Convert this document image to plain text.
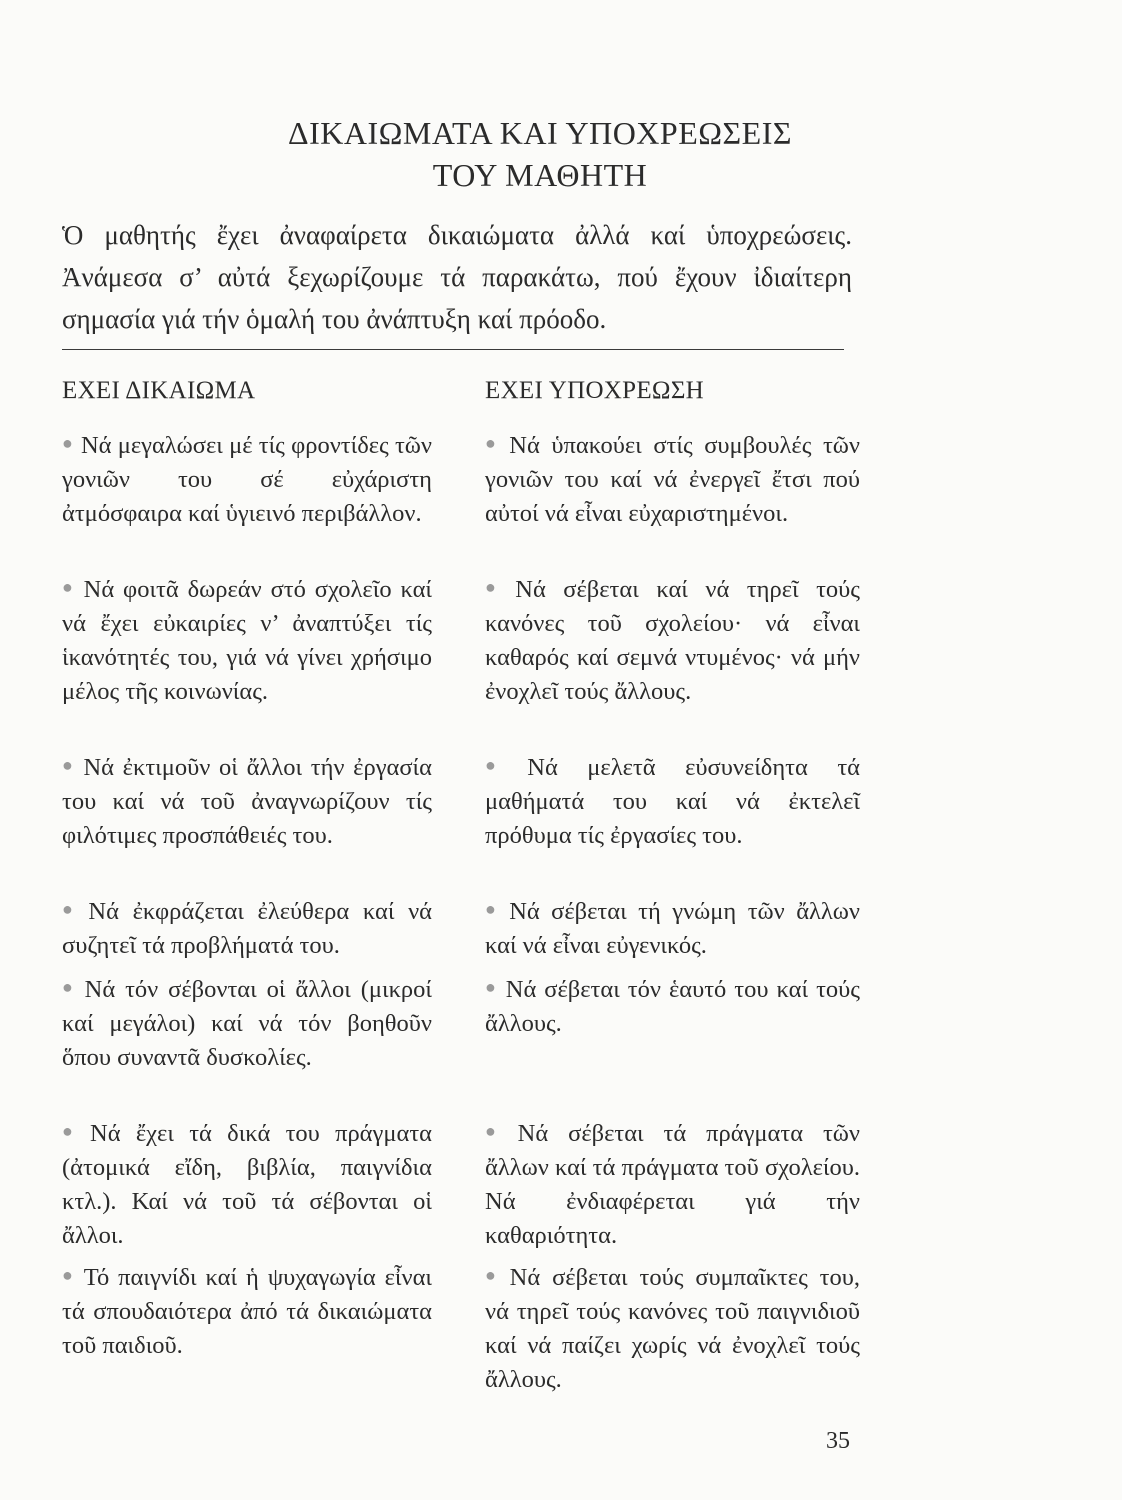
ΔΙΚΑΙΩΜΑΤΑ ΚΑΙ ΥΠΟΧΡΕΩΣΕΙΣ
ΤΟΥ ΜΑΘΗΤΗ
Ὁ μαθητής ἔχει ἀναφαίρετα δικαιώματα ἀλλά καί ὑποχρεώσεις. Ἀνάμεσα σ’ αὐτά ξεχωρίζουμε τά παρακάτω, πού ἔχουν ἰδιαίτερη σημασία γιά τήν ὁμαλή του ἀνάπτυξη καί πρόοδο.
ΕΧΕΙ ΔΙΚΑΙΩΜΑ
● Νά μεγαλώσει μέ τίς φροντίδες τῶν γονιῶν του σέ εὐχάριστη ἀτμόσφαιρα καί ὑγιεινό περιβάλλον.
● Νά φοιτᾶ δωρεάν στό σχολεῖο καί νά ἔχει εὐκαιρίες ν’ ἀναπτύξει τίς ἱκανότητές του, γιά νά γίνει χρήσιμο μέλος τῆς κοινωνίας.
● Νά ἐκτιμοῦν οἱ ἄλλοι τήν ἐργασία του καί νά τοῦ ἀναγνωρίζουν τίς φιλότιμες προσπάθειές του.
● Νά ἐκφράζεται ἐλεύθερα καί νά συζητεῖ τά προβλήματά του.
● Νά τόν σέβονται οἱ ἄλλοι (μικροί καί μεγάλοι) καί νά τόν βοηθοῦν ὅπου συναντᾶ δυσκολίες.
● Νά ἔχει τά δικά του πράγματα (ἀτομικά εἴδη, βιβλία, παιγνίδια κτλ.). Καί νά τοῦ τά σέβονται οἱ ἄλλοι.
● Τό παιγνίδι καί ἡ ψυχαγωγία εἶναι τά σπουδαιότερα ἀπό τά δικαιώματα τοῦ παιδιοῦ.
ΕΧΕΙ ΥΠΟΧΡΕΩΣΗ
● Νά ὑπακούει στίς συμβουλές τῶν γονιῶν του καί νά ἐνεργεῖ ἔτσι πού αὐτοί νά εἶναι εὐχαριστημένοι.
● Νά σέβεται καί νά τηρεῖ τούς κανόνες τοῦ σχολείου· νά εἶναι καθαρός καί σεμνά ντυμένος· νά μήν ἐνοχλεῖ τούς ἄλλους.
● Νά μελετᾶ εὐσυνείδητα τά μαθήματά του καί νά ἐκτελεῖ πρόθυμα τίς ἐργασίες του.
● Νά σέβεται τή γνώμη τῶν ἄλλων καί νά εἶναι εὐγενικός.
● Νά σέβεται τόν ἑαυτό του καί τούς ἄλλους.
● Νά σέβεται τά πράγματα τῶν ἄλλων καί τά πράγματα τοῦ σχολείου. Νά ἐνδιαφέρεται γιά τήν καθαριότητα.
● Νά σέβεται τούς συμπαῖκτες του, νά τηρεῖ τούς κανόνες τοῦ παιγνιδιοῦ καί νά παίζει χωρίς νά ἐνοχλεῖ τούς ἄλλους.
35
